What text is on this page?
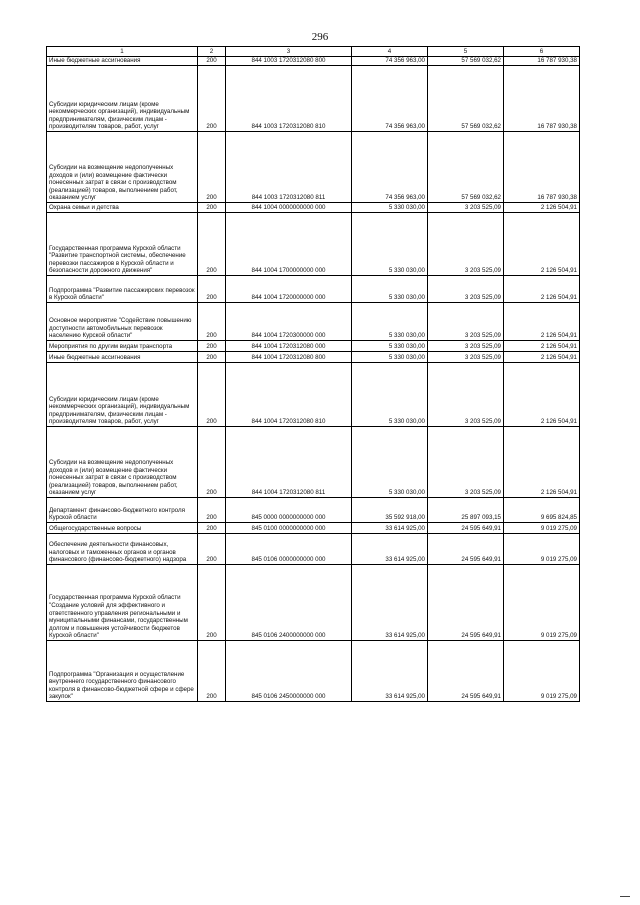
296
1	2	3	4	5	6
Иные бюджетные ассигнования	200	844 1003 1720312080 800	74 356 963,00	57 569 032,62	16 787 930,38
Субсидии юридическим лицам (кроме некоммерческих организаций), индивидуальным предпринимателям, физическим лицам - производителям товаров, работ, услуг	200	844 1003 1720312080 810	74 356 963,00	57 569 032,62	16 787 930,38
Субсидии на возмещение недополученных доходов и (или) возмещение фактически понесенных затрат в связи с производством (реализацией) товаров, выполнением работ, оказанием услуг	200	844 1003 1720312080 811	74 356 963,00	57 569 032,62	16 787 930,38
Охрана семьи и детства	200	844 1004 0000000000 000	5 330 030,00	3 203 525,09	2 126 504,91
Государственная программа Курской области "Развитие транспортной системы, обеспечение перевозки пассажиров в Курской области и безопасности дорожного движения"	200	844 1004 1700000000 000	5 330 030,00	3 203 525,09	2 126 504,91
Подпрограмма "Развитие пассажирских перевозок в Курской области"	200	844 1004 1720000000 000	5 330 030,00	3 203 525,09	2 126 504,91
Основное мероприятие "Содействие повышению доступности автомобильных перевозок населению Курской области"	200	844 1004 1720300000 000	5 330 030,00	3 203 525,09	2 126 504,91
Мероприятия по другим видам транспорта	200	844 1004 1720312080 000	5 330 030,00	3 203 525,09	2 126 504,91
Иные бюджетные ассигнования	200	844 1004 1720312080 800	5 330 030,00	3 203 525,09	2 126 504,91
Субсидии юридическим лицам (кроме некоммерческих организаций), индивидуальным предпринимателям, физическим лицам - производителям товаров, работ, услуг	200	844 1004 1720312080 810	5 330 030,00	3 203 525,09	2 126 504,91
Субсидии на возмещение недополученных доходов и (или) возмещение фактически понесенных затрат в связи с производством (реализацией) товаров, выполнением работ, оказанием услуг	200	844 1004 1720312080 811	5 330 030,00	3 203 525,09	2 126 504,91
Департамент финансово-бюджетного контроля Курской области	200	845 0000 0000000000 000	35 592 918,00	25 897 093,15	9 695 824,85
Общегосударственные вопросы	200	845 0100 0000000000 000	33 614 925,00	24 595 649,91	9 019 275,09
Обеспечение деятельности финансовых, налоговых и таможенных органов и органов финансового (финансово-бюджетного) надзора	200	845 0106 0000000000 000	33 614 925,00	24 595 649,91	9 019 275,09
Государственная программа Курской области "Создание условий для эффективного и ответственного управления региональными и муниципальными финансами, государственным долгом и повышения устойчивости бюджетов Курской области"	200	845 0106 2400000000 000	33 614 925,00	24 595 649,91	9 019 275,09
Подпрограмма "Организация и осуществление внутреннего государственного финансового контроля в финансово-бюджетной сфере и сфере закупок"	200	845 0106 2450000000 000	33 614 925,00	24 595 649,91	9 019 275,09
